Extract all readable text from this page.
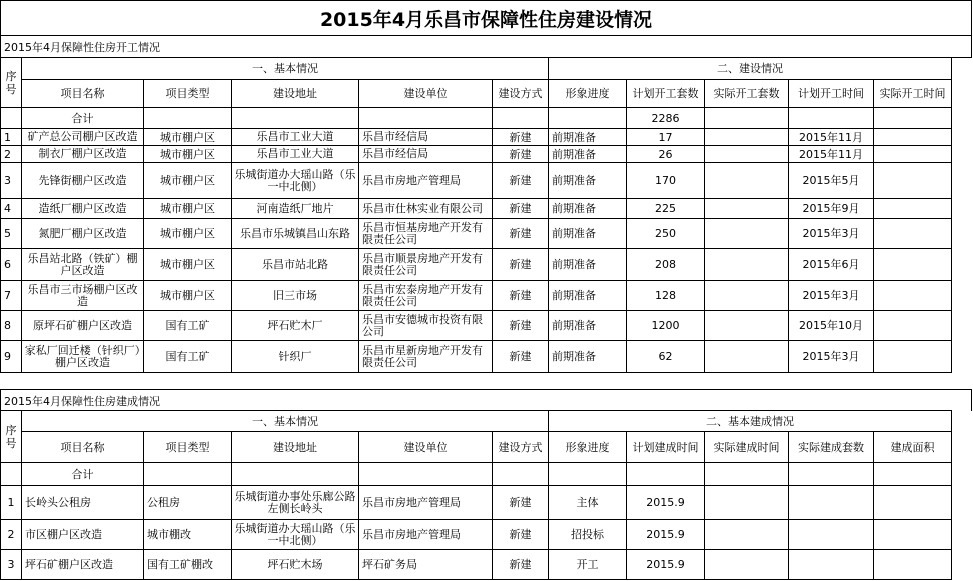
2015年4月乐昌市保障性住房建设情况
2015年4月保障性住房开工情况
序
号	一、基本情况					二、建设情况				
	项目名称	项目类型	建设地址	建设单位	建设方式	形象进度	计划开工套数	实际开工套数	计划开工时间	实际开工时间
	合计						2286			
1	矿产总公司棚户区改造	城市棚户区	乐昌市工业大道	乐昌市经信局	新建	前期准备	17		2015年11月	
2	制衣厂棚户区改造	城市棚户区	乐昌市工业大道	乐昌市经信局	新建	前期准备	26		2015年11月	
3	先锋街棚户区改造	城市棚户区	乐城街道办大瑶山路（乐一中北侧）	乐昌市房地产管理局	新建	前期准备	170		2015年5月	
4	造纸厂棚户区改造	城市棚户区	河南造纸厂地片	乐昌市仕林实业有限公司	新建	前期准备	225		2015年9月	
5	氮肥厂棚户区改造	城市棚户区	乐昌市乐城镇昌山东路	乐昌市恒基房地产开发有限责任公司	新建	前期准备	250		2015年3月	
6	乐昌站北路（铁矿）棚户区改造	城市棚户区	乐昌市站北路	乐昌市顺景房地产开发有限责任公司	新建	前期准备	208		2015年6月	
7	乐昌市三市场棚户区改造	城市棚户区	旧三市场	乐昌市宏泰房地产开发有限责任公司	新建	前期准备	128		2015年3月	
8	原坪石矿棚户区改造	国有工矿	坪石贮木厂	乐昌市安德城市投资有限公司	新建	前期准备	1200		2015年10月	
9	家私厂回迁楼（针织厂）棚户区改造	国有工矿	针织厂	乐昌市星新房地产开发有限责任公司	新建	前期准备	62		2015年3月	
2015年4月保障性住房建成情况
序
号	一、基本情况					二、基本建成情况				
	项目名称	项目类型	建设地址	建设单位	建设方式	形象进度	计划建成时间	实际建成时间	实际建成套数	建成面积
	合计									
1	长岭头公租房	公租房	乐城街道办事处乐廊公路左侧长岭头	乐昌市房地产管理局	新建	主体	2015.9			
2	市区棚户区改造	城市棚改	乐城街道办大瑶山路（乐一中北侧）	乐昌市房地产管理局	新建	招投标	2015.9			
3	坪石矿棚户区改造	国有工矿棚改	坪石贮木场	坪石矿务局	新建	开工	2015.9			
